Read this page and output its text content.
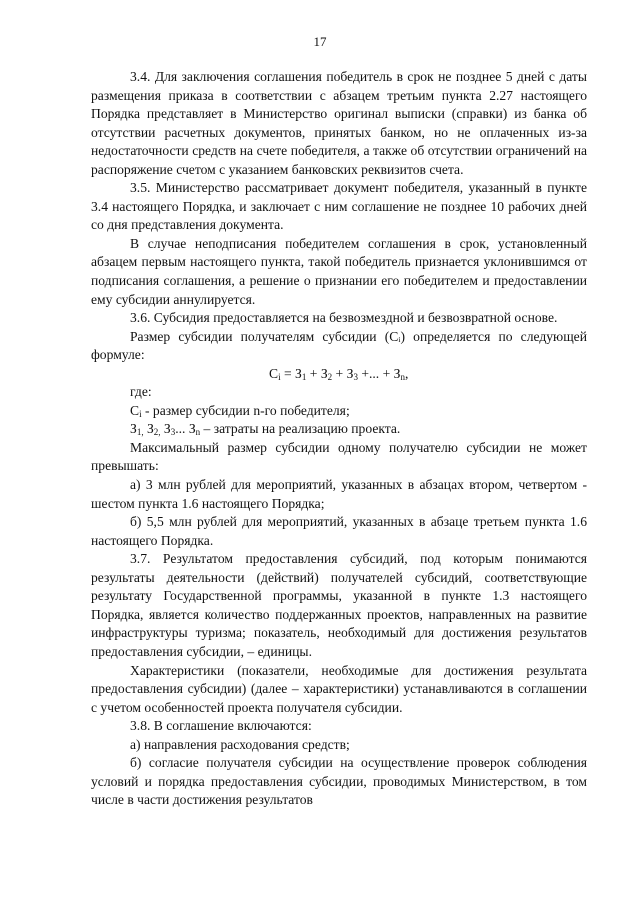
17

3.4. Для заключения соглашения победитель в срок не позднее 5 дней с даты размещения приказа в соответствии с абзацем третьим пункта 2.27 настоящего Порядка представляет в Министерство оригинал выписки (справки) из банка об отсутствии расчетных документов, принятых банком, но не оплаченных из-за недостаточности средств на счете победителя, а также об отсутствии ограничений на распоряжение счетом с указанием банковских реквизитов счета.

3.5. Министерство рассматривает документ победителя, указанный в пункте 3.4 настоящего Порядка, и заключает с ним соглашение не позднее 10 рабочих дней со дня представления документа.

В случае неподписания победителем соглашения в срок, установленный абзацем первым настоящего пункта, такой победитель признается уклонившимся от подписания соглашения, а решение о признании его победителем и предоставлении ему субсидии аннулируется.

3.6. Субсидия предоставляется на безвозмездной и безвозвратной основе.

Размер субсидии получателям субсидии (Сᵢ) определяется по следующей формуле:

$С_i = З_1 + З_2 + З_3$ +... + $З_n$,

где:

$С_i$ - размер субсидии n-го победителя;

$З_{1,}$ $З_{2,}$ $З_3$... $З_n$ – затраты на реализацию проекта.

Максимальный размер субсидии одному получателю субсидии не может превышать:

а) 3 млн рублей для мероприятий, указанных в абзацах втором, четвертом - шестом пункта 1.6 настоящего Порядка;

б) 5,5 млн рублей для мероприятий, указанных в абзаце третьем пункта 1.6 настоящего Порядка.

3.7. Результатом предоставления субсидий, под которым понимаются результаты деятельности (действий) получателей субсидий, соответствующие результату Государственной программы, указанной в пункте 1.3 настоящего Порядка, является количество поддержанных проектов, направленных на развитие инфраструктуры туризма; показатель, необходимый для достижения результатов предоставления субсидии, – единицы.

Характеристики (показатели, необходимые для достижения результата предоставления субсидии) (далее – характеристики) устанавливаются в соглашении с учетом особенностей проекта получателя субсидии.

3.8. В соглашение включаются:

а) направления расходования средств;

б) согласие получателя субсидии на осуществление проверок соблюдения условий и порядка предоставления субсидии, проводимых Министерством, в том числе в части достижения результатов
